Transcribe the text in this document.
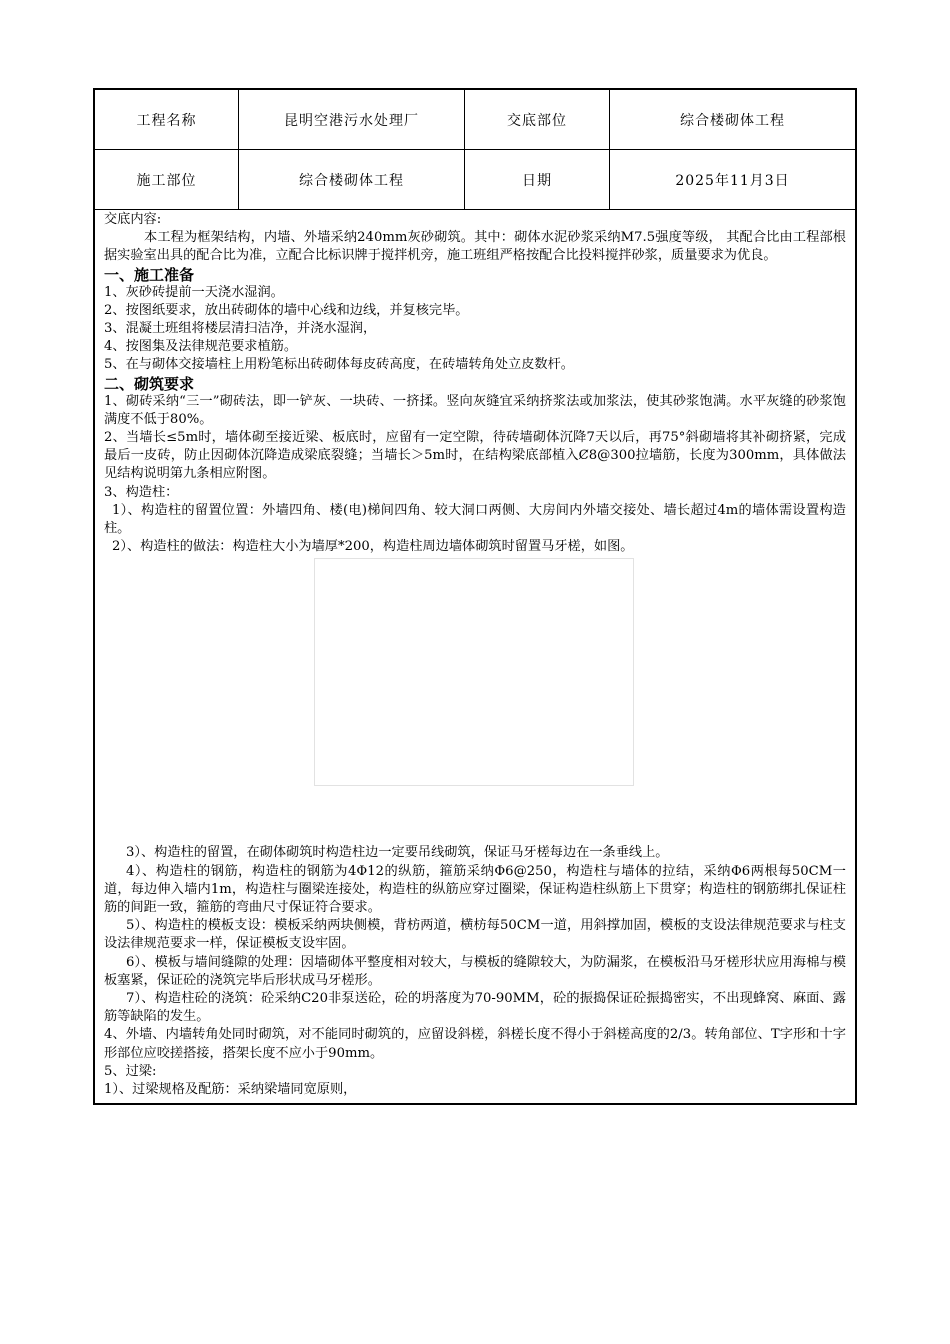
工程名称	昆明空港污水处理厂	交底部位	综合楼砌体工程
施工部位	综合楼砌体工程	日期	2025年11月3日

交底内容:

本工程为框架结构，内墙、外墙采纳240mm灰砂砌筑。其中：砌体水泥砂浆采纳M7.5强度等级， 其配合比由工程部根据实验室出具的配合比为准，立配合比标识牌于搅拌机旁，施工班组严格按配合比投料搅拌砂浆，质量要求为优良。

一、施工准备

1、灰砂砖提前一天浇水湿润。

2、按图纸要求，放出砖砌体的墙中心线和边线，并复核完毕。

3、混凝土班组将楼层清扫洁净，并浇水湿润，

4、按图集及法律规范要求植筋。

5、在与砌体交接墙柱上用粉笔标出砖砌体每皮砖高度，在砖墙转角处立皮数杆。

二、砌筑要求

1、砌砖采纳“三一”砌砖法，即一铲灰、一块砖、一挤揉。竖向灰缝宜采纳挤浆法或加浆法，使其砂浆饱满。水平灰缝的砂浆饱满度不低于80%。

2、当墙长≤5m时，墙体砌至接近梁、板底时，应留有一定空隙，待砖墙砌体沉降7天以后，再75°斜砌墙将其补砌挤紧，完成最后一皮砖，防止因砌体沉降造成梁底裂缝；当墙长＞5m时，在结构梁底部植入Ȼ8@300拉墙筋，长度为300mm，具体做法见结构说明第九条相应附图。

3、构造柱：

1）、构造柱的留置位置：外墙四角、楼(电)梯间四角、较大洞口两侧、大房间内外墙交接处、墙长超过4m的墙体需设置构造柱。

2）、构造柱的做法：构造柱大小为墙厚*200，构造柱周边墙体砌筑时留置马牙槎，如图。

3）、构造柱的留置，在砌体砌筑时构造柱边一定要吊线砌筑，保证马牙槎每边在一条垂线上。

4）、构造柱的钢筋，构造柱的钢筋为4Φ12的纵筋，箍筋采纳Φ6@250，构造柱与墙体的拉结，采纳Φ6两根每50CM一道，每边伸入墙内1m，构造柱与圈梁连接处，构造柱的纵筋应穿过圈梁，保证构造柱纵筋上下贯穿；构造柱的钢筋绑扎保证柱筋的间距一致，箍筋的弯曲尺寸保证符合要求。

5）、构造柱的模板支设：模板采纳两块侧模，背枋两道，横枋每50CM一道，用斜撑加固，模板的支设法律规范要求与柱支设法律规范要求一样，保证模板支设牢固。

6）、模板与墙间缝隙的处理：因墙砌体平整度相对较大，与模板的缝隙较大，为防漏浆，在模板沿马牙槎形状应用海棉与模板塞紧，保证砼的浇筑完毕后形状成马牙槎形。

7）、构造柱砼的浇筑：砼采纳C20非泵送砼，砼的坍落度为70-90MM，砼的振捣保证砼振捣密实，不出现蜂窝、麻面、露筋等缺陷的发生。

4、外墙、内墙转角处同时砌筑，对不能同时砌筑的，应留设斜槎，斜槎长度不得小于斜槎高度的2/3。转角部位、T字形和十字形部位应咬搓搭接，搭架长度不应小于90mm。

5、过梁:

1）、过梁规格及配筋：采纳梁墙同宽原则，
